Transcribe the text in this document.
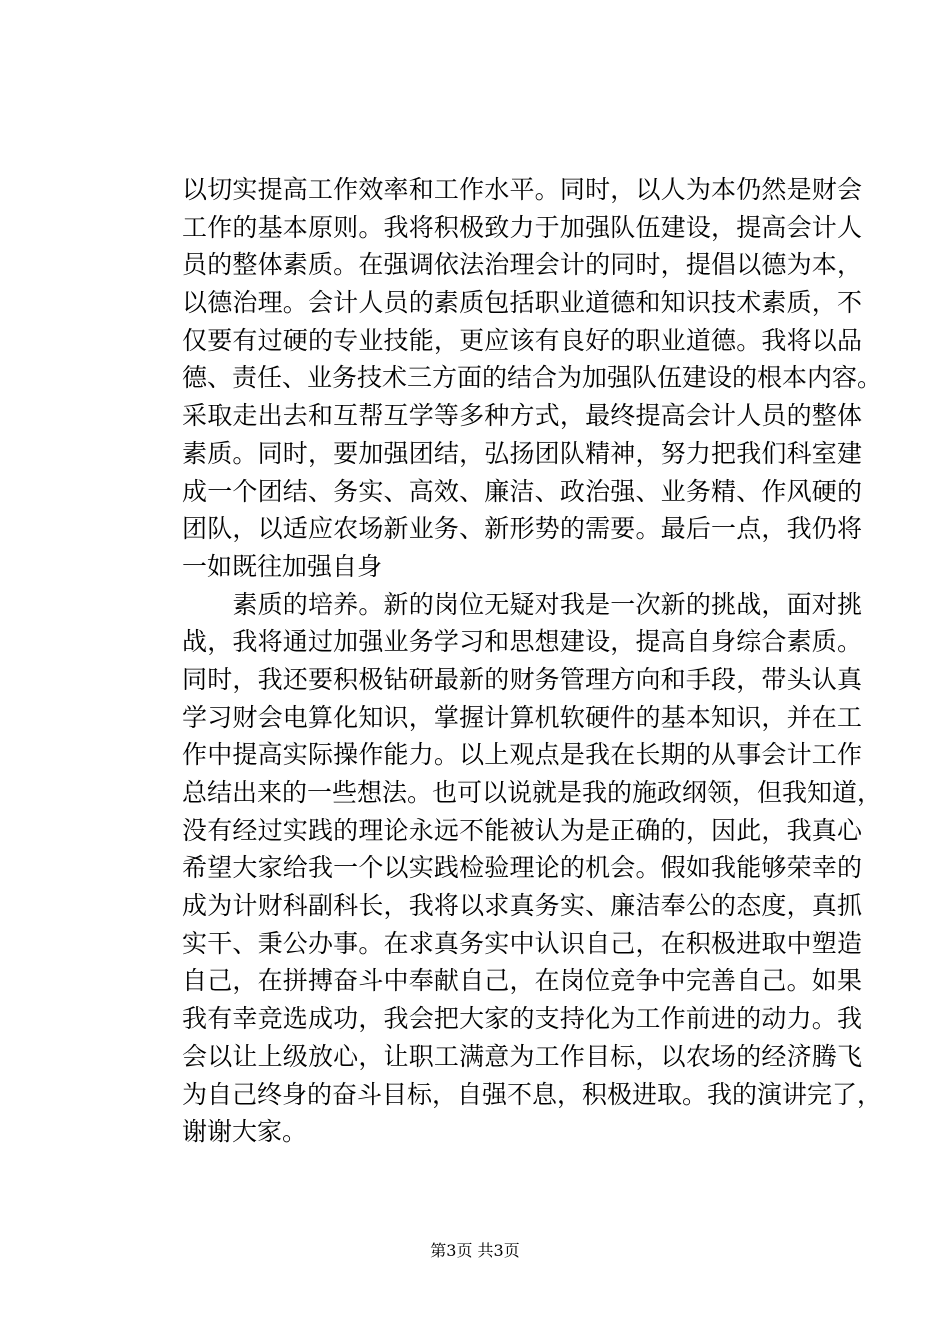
以切实提高工作效率和工作水平。同时，以人为本仍然是财会
工作的基本原则。我将积极致力于加强队伍建设，提高会计人
员的整体素质。在强调依法治理会计的同时，提倡以德为本，
以德治理。会计人员的素质包括职业道德和知识技术素质，不
仅要有过硬的专业技能，更应该有良好的职业道德。我将以品
德、责任、业务技术三方面的结合为加强队伍建设的根本内容。
采取走出去和互帮互学等多种方式，最终提高会计人员的整体
素质。同时，要加强团结，弘扬团队精神，努力把我们科室建
成一个团结、务实、高效、廉洁、政治强、业务精、作风硬的
团队，以适应农场新业务、新形势的需要。最后一点，我仍将
一如既往加强自身
　　素质的培养。新的岗位无疑对我是一次新的挑战，面对挑
战，我将通过加强业务学习和思想建设，提高自身综合素质。
同时，我还要积极钻研最新的财务管理方向和手段，带头认真
学习财会电算化知识，掌握计算机软硬件的基本知识，并在工
作中提高实际操作能力。以上观点是我在长期的从事会计工作
总结出来的一些想法。也可以说就是我的施政纲领，但我知道，
没有经过实践的理论永远不能被认为是正确的，因此，我真心
希望大家给我一个以实践检验理论的机会。假如我能够荣幸的
成为计财科副科长，我将以求真务实、廉洁奉公的态度，真抓
实干、秉公办事。在求真务实中认识自己，在积极进取中塑造
自己，在拼搏奋斗中奉献自己，在岗位竞争中完善自己。如果
我有幸竞选成功，我会把大家的支持化为工作前进的动力。我
会以让上级放心，让职工满意为工作目标，以农场的经济腾飞
为自己终身的奋斗目标，自强不息，积极进取。我的演讲完了，
谢谢大家。
第3页 共3页
